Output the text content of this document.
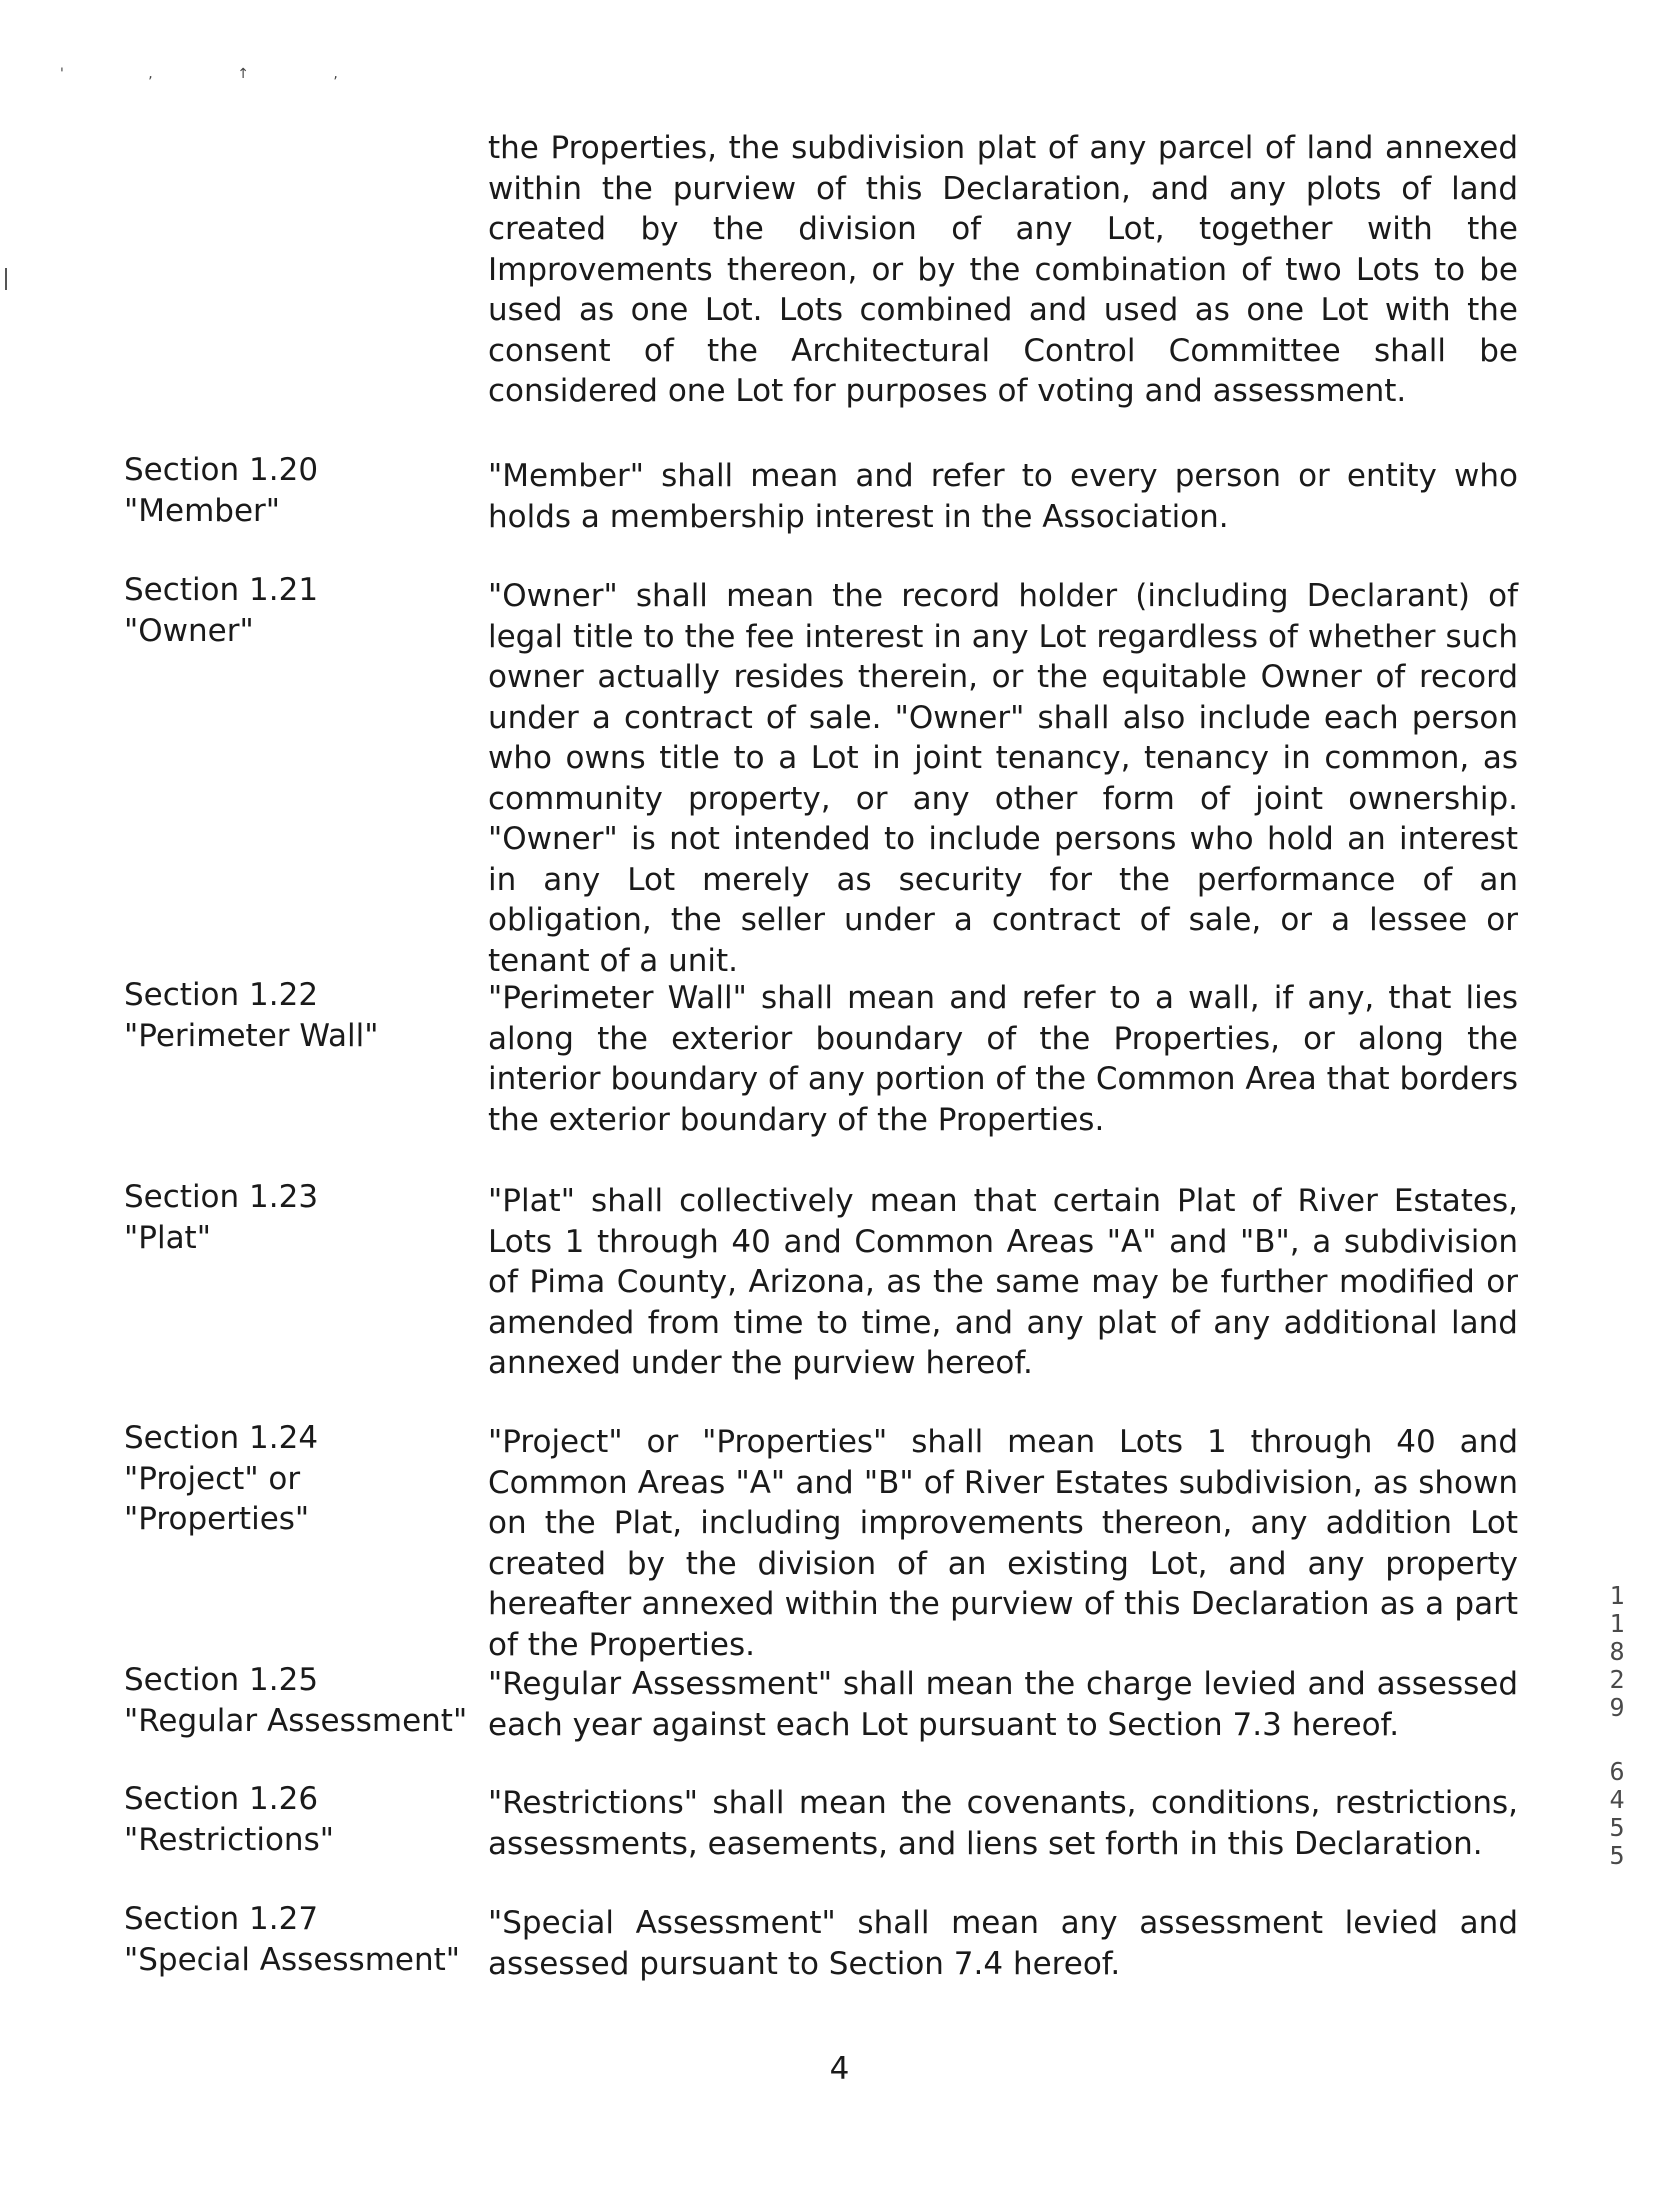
' , ↑ ,
the Properties, the subdivision plat of any parcel of land annexed within the purview of this Declaration, and any plots of land created by the division of any Lot, together with the Improvements thereon, or by the combination of two Lots to be used as one Lot. Lots combined and used as one Lot with the consent of the Architectural Control Committee shall be considered one Lot for purposes of voting and assessment.
Section 1.20
"Member"
"Member" shall mean and refer to every person or entity who holds a membership interest in the Association.
Section 1.21
"Owner"
"Owner" shall mean the record holder (including Declarant) of legal title to the fee interest in any Lot regardless of whether such owner actually resides therein, or the equitable Owner of record under a contract of sale. "Owner" shall also include each person who owns title to a Lot in joint tenancy, tenancy in common, as community property, or any other form of joint ownership. "Owner" is not intended to include persons who hold an interest in any Lot merely as security for the performance of an obligation, the seller under a contract of sale, or a lessee or tenant of a unit.
Section 1.22
"Perimeter Wall"
"Perimeter Wall" shall mean and refer to a wall, if any, that lies along the exterior boundary of the Properties, or along the interior boundary of any portion of the Common Area that borders the exterior boundary of the Properties.
Section 1.23
"Plat"
"Plat" shall collectively mean that certain Plat of River Estates, Lots 1 through 40 and Common Areas "A" and "B", a subdivision of Pima County, Arizona, as the same may be further modified or amended from time to time, and any plat of any additional land annexed under the purview hereof.
Section 1.24
"Project" or
"Properties"
"Project" or "Properties" shall mean Lots 1 through 40 and Common Areas "A" and "B" of River Estates subdivision, as shown on the Plat, including improvements thereon, any addition Lot created by the division of an existing Lot, and any property hereafter annexed within the purview of this Declaration as a part of the Properties.
Section 1.25
"Regular Assessment"
"Regular Assessment" shall mean the charge levied and assessed each year against each Lot pursuant to Section 7.3 hereof.
Section 1.26
"Restrictions"
"Restrictions" shall mean the covenants, conditions, restrictions, assessments, easements, and liens set forth in this Declaration.
Section 1.27
"Special Assessment"
"Special Assessment" shall mean any assessment levied and assessed pursuant to Section 7.4 hereof.
4
1
1
8
2
9
6
4
5
5
